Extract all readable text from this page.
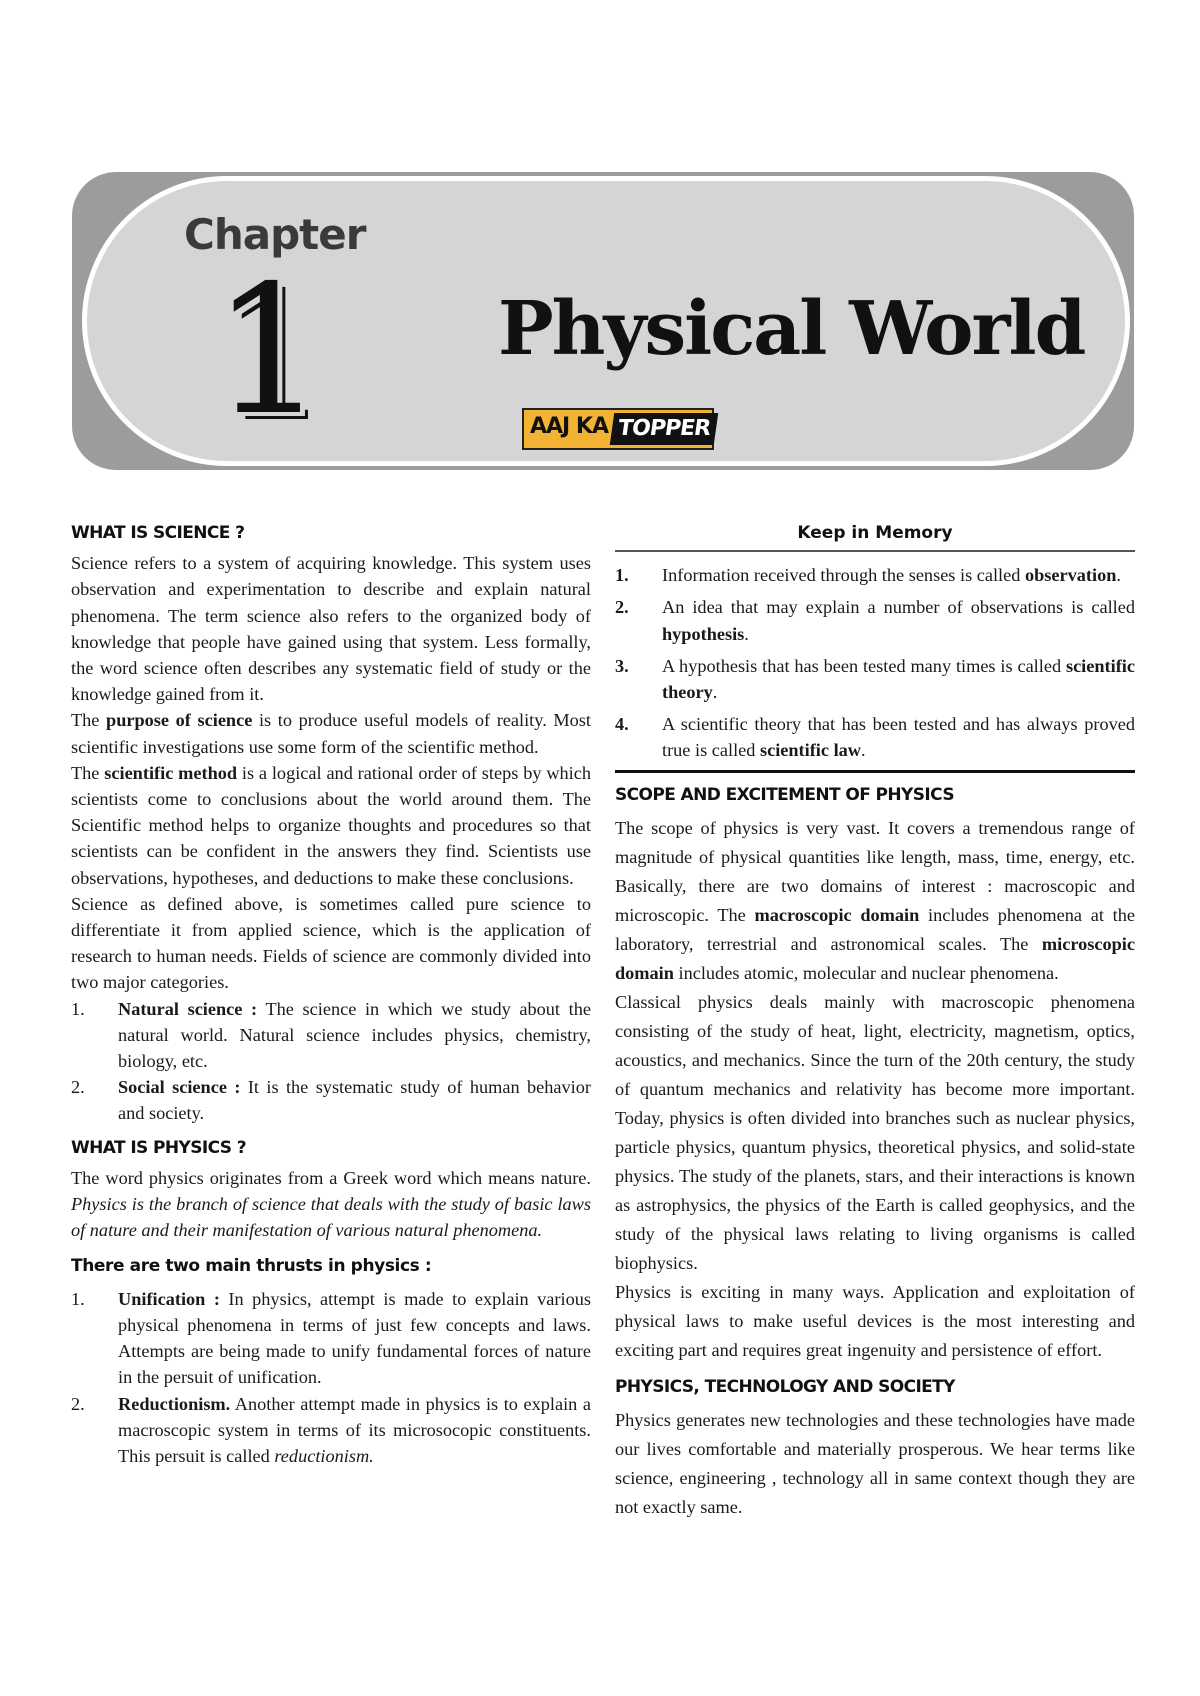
Chapter
1 Physical World
AAJ KA TOPPER
WHAT IS SCIENCE ?

Science refers to a system of acquiring knowledge. This system uses observation and experimentation to describe and explain natural phenomena. The term science also refers to the organized body of knowledge that people have gained using that system. Less formally, the word science often describes any systematic field of study or the knowledge gained from it.

The purpose of science is to produce useful models of reality. Most scientific investigations use some form of the scientific method.

The scientific method is a logical and rational order of steps by which scientists come to conclusions about the world around them. The Scientific method helps to organize thoughts and procedures so that scientists can be confident in the answers they find. Scientists use observations, hypotheses, and deductions to make these conclusions.

Science as defined above, is sometimes called pure science to differentiate it from applied science, which is the application of research to human needs. Fields of science are commonly divided into two major categories.

1. Natural science : The science in which we study about the natural world. Natural science includes physics, chemistry, biology, etc.
2. Social science : It is the systematic study of human behavior and society.
WHAT IS PHYSICS ?

The word physics originates from a Greek word which means nature. Physics is the branch of science that deals with the study of basic laws of nature and their manifestation of various natural phenomena.

There are two main thrusts in physics :
1. Unification : In physics, attempt is made to explain various physical phenomena in terms of just few concepts and laws. Attempts are being made to unify fundamental forces of nature in the persuit of unification.
2. Reductionism. Another attempt made in physics is to explain a macroscopic system in terms of its microsocopic constituents. This persuit is called reductionism.
Keep in Memory
1. Information received through the senses is called observation.
2. An idea that may explain a number of observations is called hypothesis.
3. A hypothesis that has been tested many times is called scientific theory.
4. A scientific theory that has been tested and has always proved true is called scientific law.
SCOPE AND EXCITEMENT OF PHYSICS

The scope of physics is very vast. It covers a tremendous range of magnitude of physical quantities like length, mass, time, energy, etc. Basically, there are two domains of interest : macroscopic and microscopic. The macroscopic domain includes phenomena at the laboratory, terrestrial and astronomical scales. The microscopic domain includes atomic, molecular and nuclear phenomena.

Classical physics deals mainly with macroscopic phenomena consisting of the study of heat, light, electricity, magnetism, optics, acoustics, and mechanics. Since the turn of the 20th century, the study of quantum mechanics and relativity has become more important. Today, physics is often divided into branches such as nuclear physics, particle physics, quantum physics, theoretical physics, and solid-state physics. The study of the planets, stars, and their interactions is known as astrophysics, the physics of the Earth is called geophysics, and the study of the physical laws relating to living organisms is called biophysics.

Physics is exciting in many ways. Application and exploitation of physical laws to make useful devices is the most interesting and exciting part and requires great ingenuity and persistence of effort.

PHYSICS, TECHNOLOGY AND SOCIETY

Physics generates new technologies and these technologies have made our lives comfortable and materially prosperous. We hear terms like science, engineering , technology all in same context though they are not exactly same.
